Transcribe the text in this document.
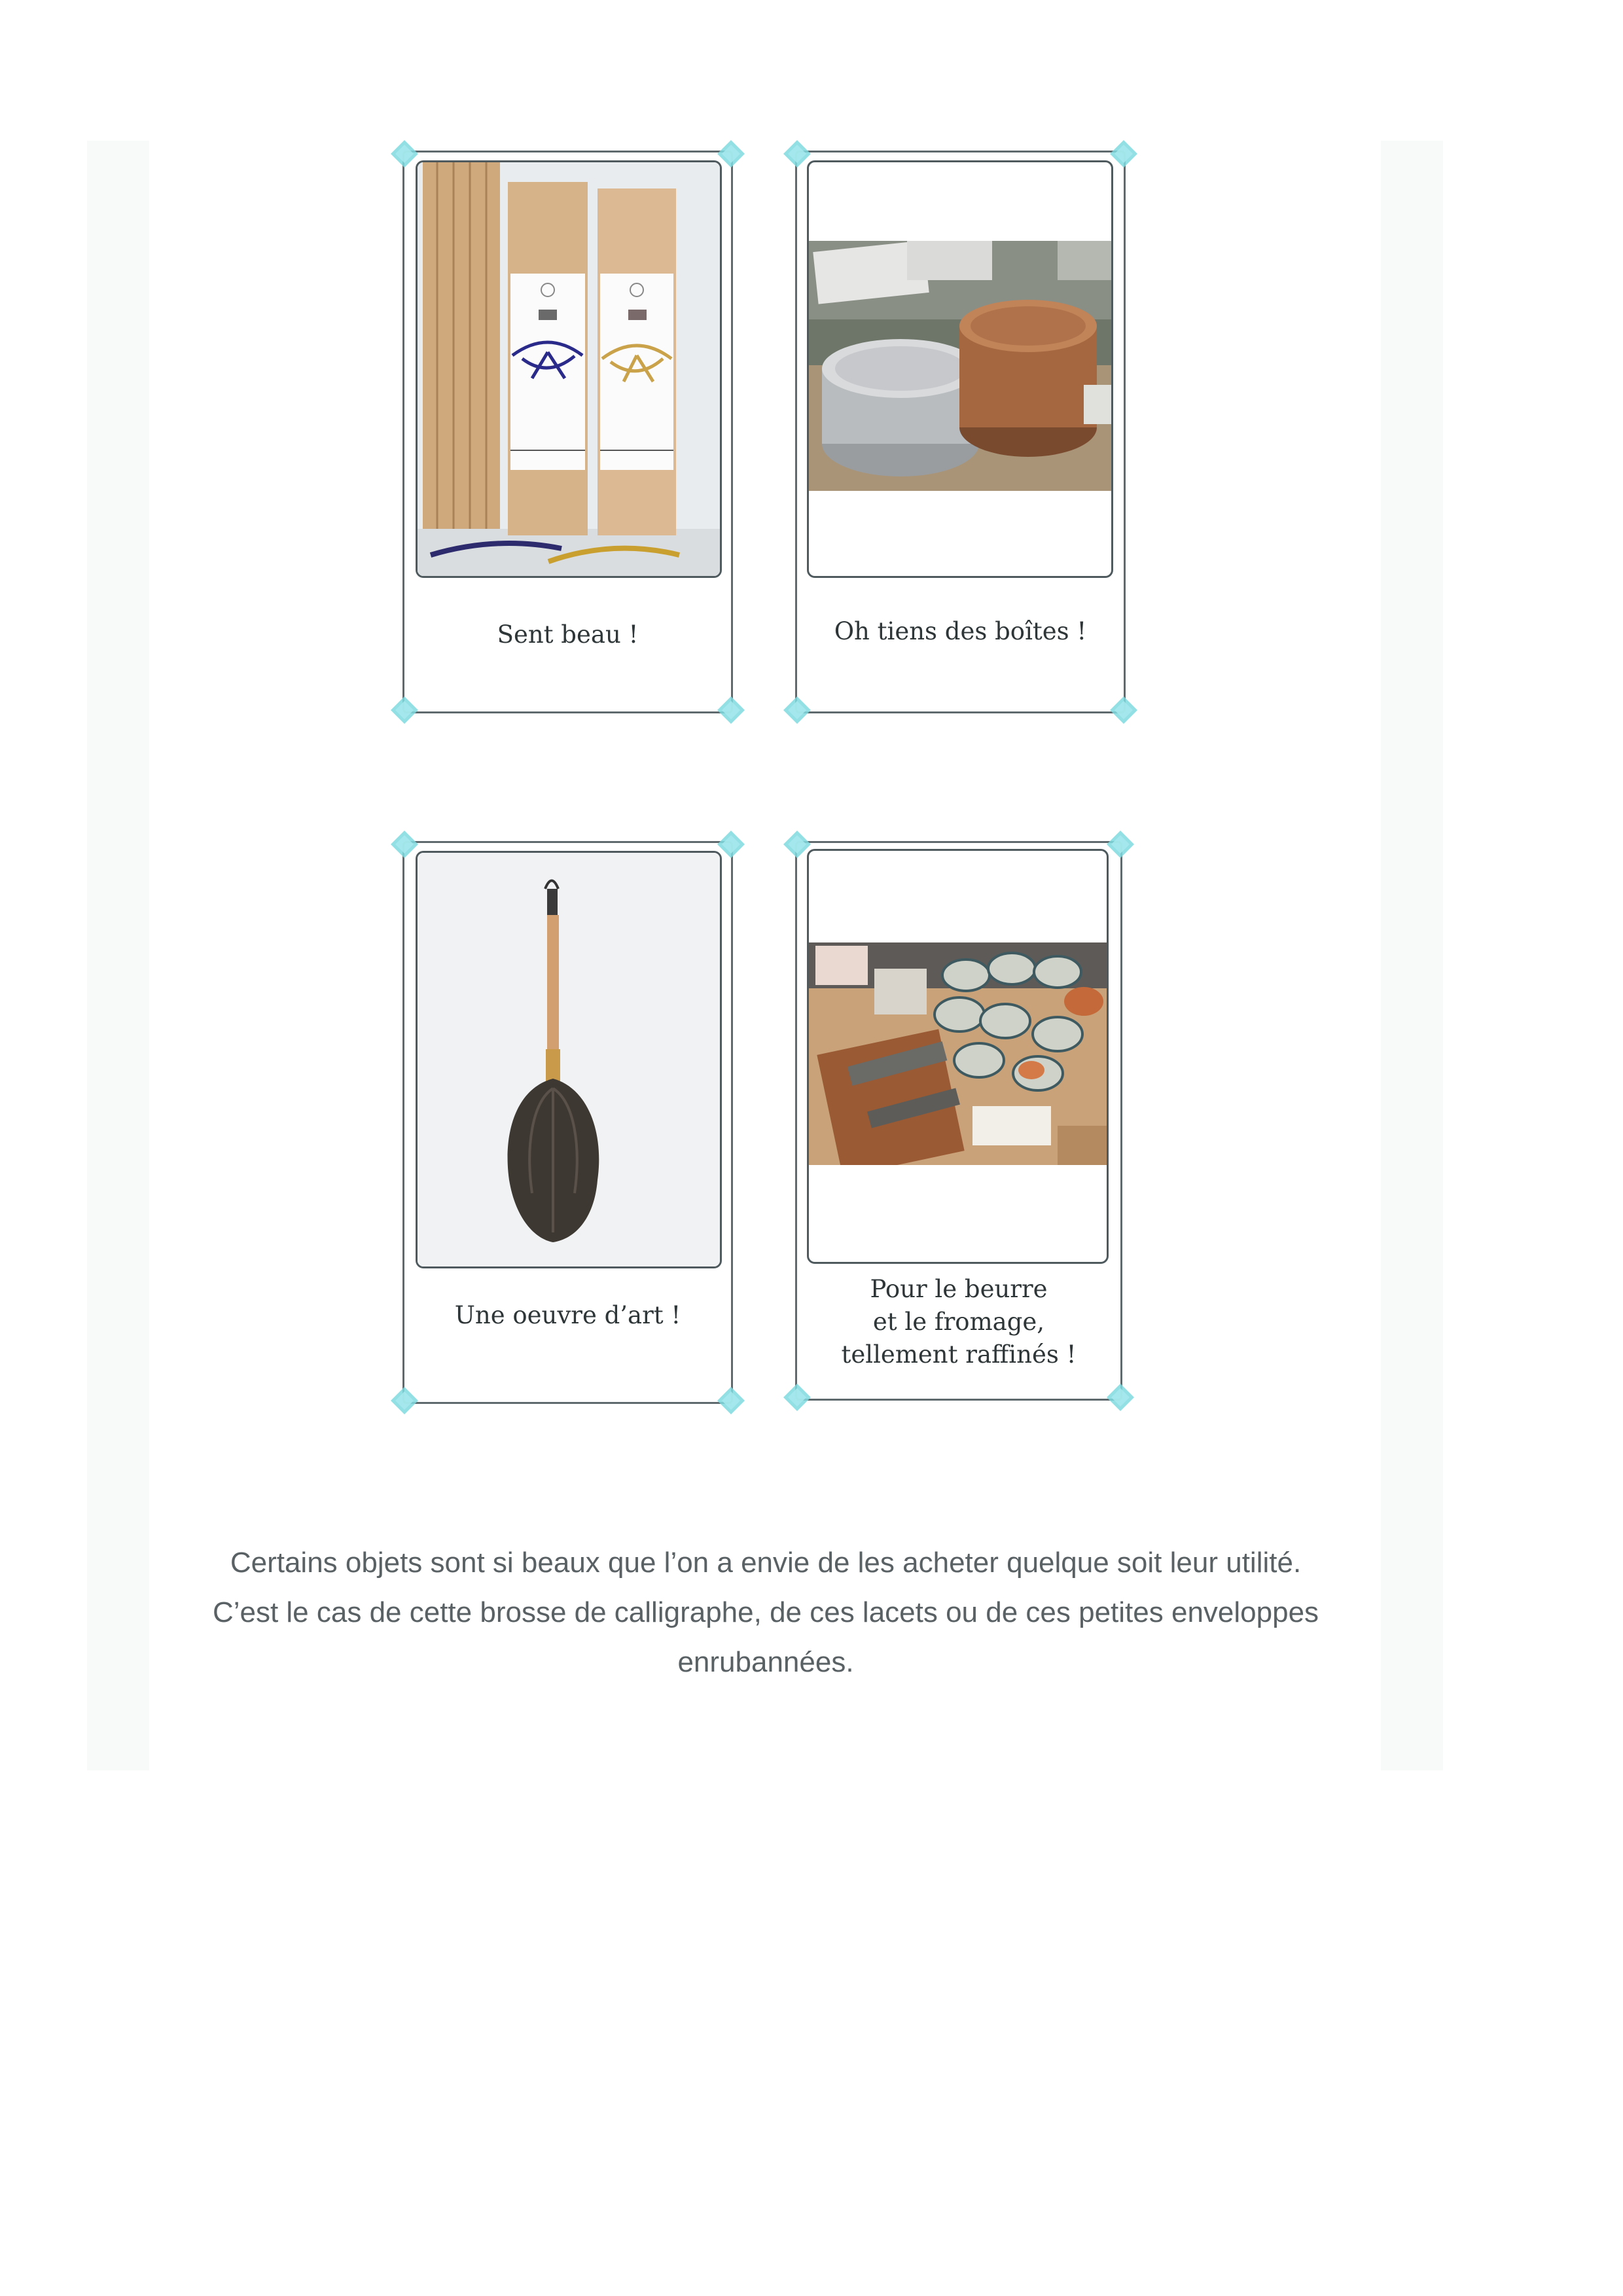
Sent beau !	Oh tiens des boîtes !
Une oeuvre d’art !
Pour le beurre
et le fromage,
tellement raffinés !

Certains objets sont si beaux que l’on a envie de les acheter quelque soit leur utilité.

C’est le cas de cette brosse de calligraphe, de ces lacets ou de ces petites enveloppes

enrubannées.
